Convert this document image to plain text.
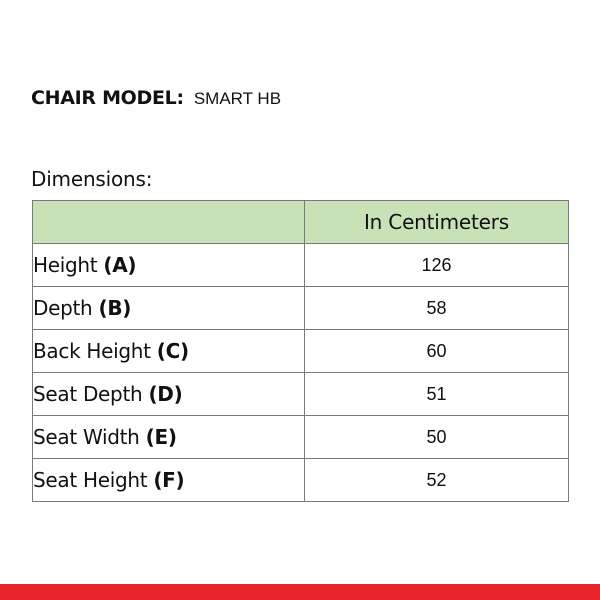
CHAIR MODEL: SMART HB
Dimensions:
	In Centimeters
Height (A)	126
Depth (B)	58
Back Height (C)	60
Seat Depth (D)	51
Seat Width (E)	50
Seat Height (F)	52
